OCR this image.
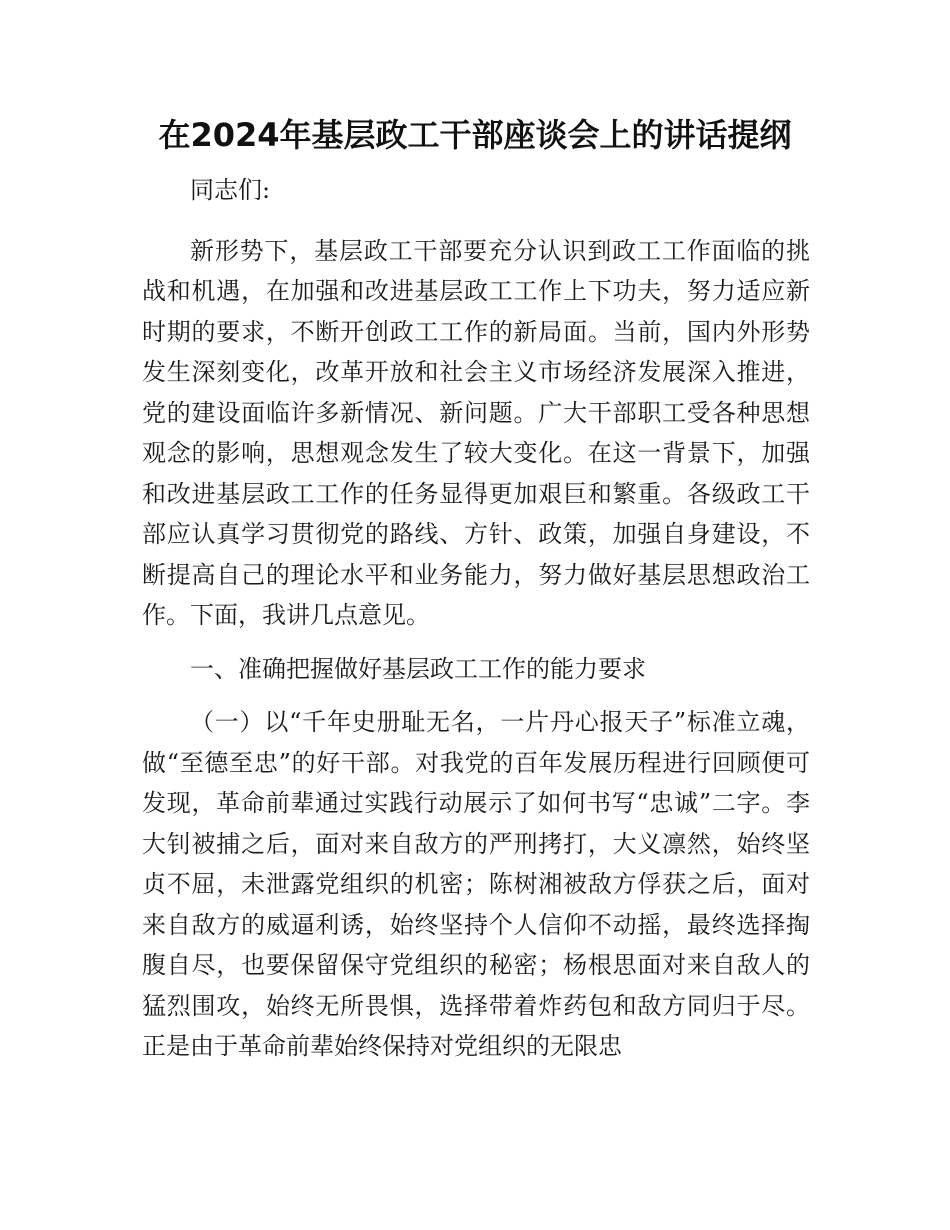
在2024年基层政工干部座谈会上的讲话提纲

同志们:

新形势下，基层政工干部要充分认识到政工工作面临的挑战和机遇，在加强和改进基层政工工作上下功夫，努力适应新时期的要求，不断开创政工工作的新局面。当前，国内外形势发生深刻变化，改革开放和社会主义市场经济发展深入推进，党的建设面临许多新情况、新问题。广大干部职工受各种思想观念的影响，思想观念发生了较大变化。在这一背景下，加强和改进基层政工工作的任务显得更加艰巨和繁重。各级政工干部应认真学习贯彻党的路线、方针、政策，加强自身建设，不断提高自己的理论水平和业务能力，努力做好基层思想政治工作。下面，我讲几点意见。

一、准确把握做好基层政工工作的能力要求

（一）以“千年史册耻无名，一片丹心报天子”标准立魂，做“至德至忠”的好干部。对我党的百年发展历程进行回顾便可发现，革命前辈通过实践行动展示了如何书写“忠诚”二字。李大钊被捕之后，面对来自敌方的严刑拷打，大义凛然，始终坚贞不屈，未泄露党组织的机密；陈树湘被敌方俘获之后，面对来自敌方的威逼利诱，始终坚持个人信仰不动摇，最终选择掏腹自尽，也要保留保守党组织的秘密；杨根思面对来自敌人的猛烈围攻，始终无所畏惧，选择带着炸药包和敌方同归于尽。正是由于革命前辈始终保持对党组织的无限忠
